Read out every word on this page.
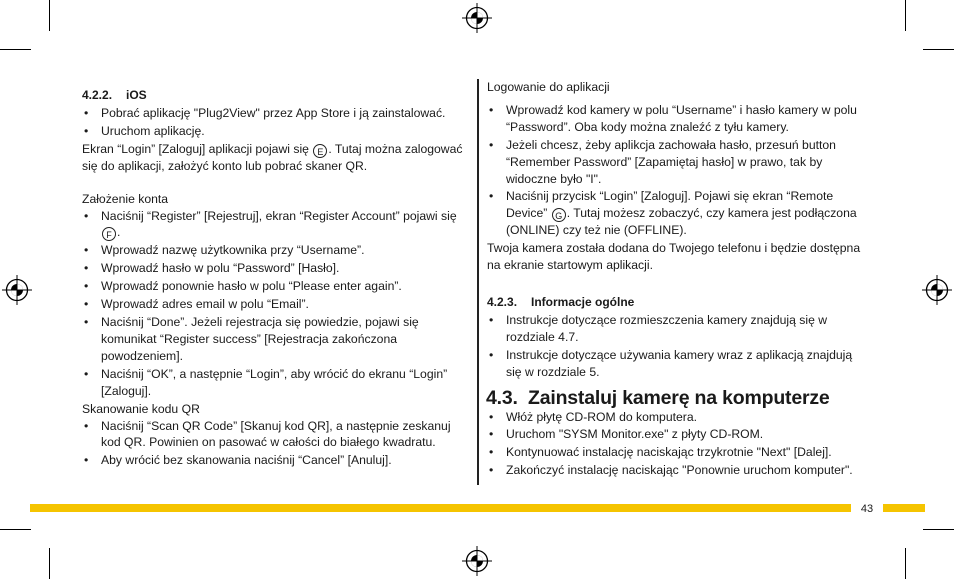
4.2.2. iOS
• Pobrać aplikację "Plug2View" przez App Store i ją zainstalować.
• Uruchom aplikację.

Ekran “Login” [Zaloguj] aplikacji pojawi się E . Tutaj można zalogować się do aplikacji, założyć konto lub pobrać skaner QR.

Założenie konta

• Naciśnij “Register” [Rejestruj], ekran “Register Account” pojawi się F .
• Wprowadź nazwę użytkownika przy “Username”.
• Wprowadź hasło w polu “Password” [Hasło].
• Wprowadź ponownie hasło w polu “Please enter again”.
• Wprowadź adres email w polu “Email”.
• Naciśnij “Done”. Jeżeli rejestracja się powiedzie, pojawi się komunikat “Register success” [Rejestracja zakończona powodzeniem].
• Naciśnij “OK”, a następnie “Login”, aby wrócić do ekranu “Login” [Zaloguj].

Skanowanie kodu QR

• Naciśnij “Scan QR Code” [Skanuj kod QR], a następnie zeskanuj kod QR. Powinien on pasować w całości do białego kwadratu.
• Aby wrócić bez skanowania naciśnij “Cancel” [Anuluj].

Logowanie do aplikacji

• Wprowadź kod kamery w polu “Username” i hasło kamery w polu “Password”. Oba kody można znaleźć z tyłu kamery.
• Jeżeli chcesz, żeby aplikcja zachowała hasło, przesuń button “Remember Password” [Zapamiętaj hasło] w prawo, tak by widoczne było "I".
• Naciśnij przycisk “Login” [Zaloguj]. Pojawi się ekran “Remote Device” G . Tutaj możesz zobaczyć, czy kamera jest podłączona (ONLINE) czy też nie (OFFLINE).

Twoja kamera została dodana do Twojego telefonu i będzie dostępna na ekranie startowym aplikacji.

4.2.3. Informacje ogólne
• Instrukcje dotyczące rozmieszczenia kamery znajdują się w rozdziale 4.7.
• Instrukcje dotyczące używania kamery wraz z aplikacją znajdują się w rozdziale 5.
4.3. Zainstaluj kamerę na komputerze
• Włóż płytę CD-ROM do komputera.
• Uruchom "SYSM Monitor.exe" z płyty CD-ROM.
• Kontynuować instalację naciskając trzykrotnie "Next" [Dalej].
• Zakończyć instalację naciskając "Ponownie uruchom komputer".
43
